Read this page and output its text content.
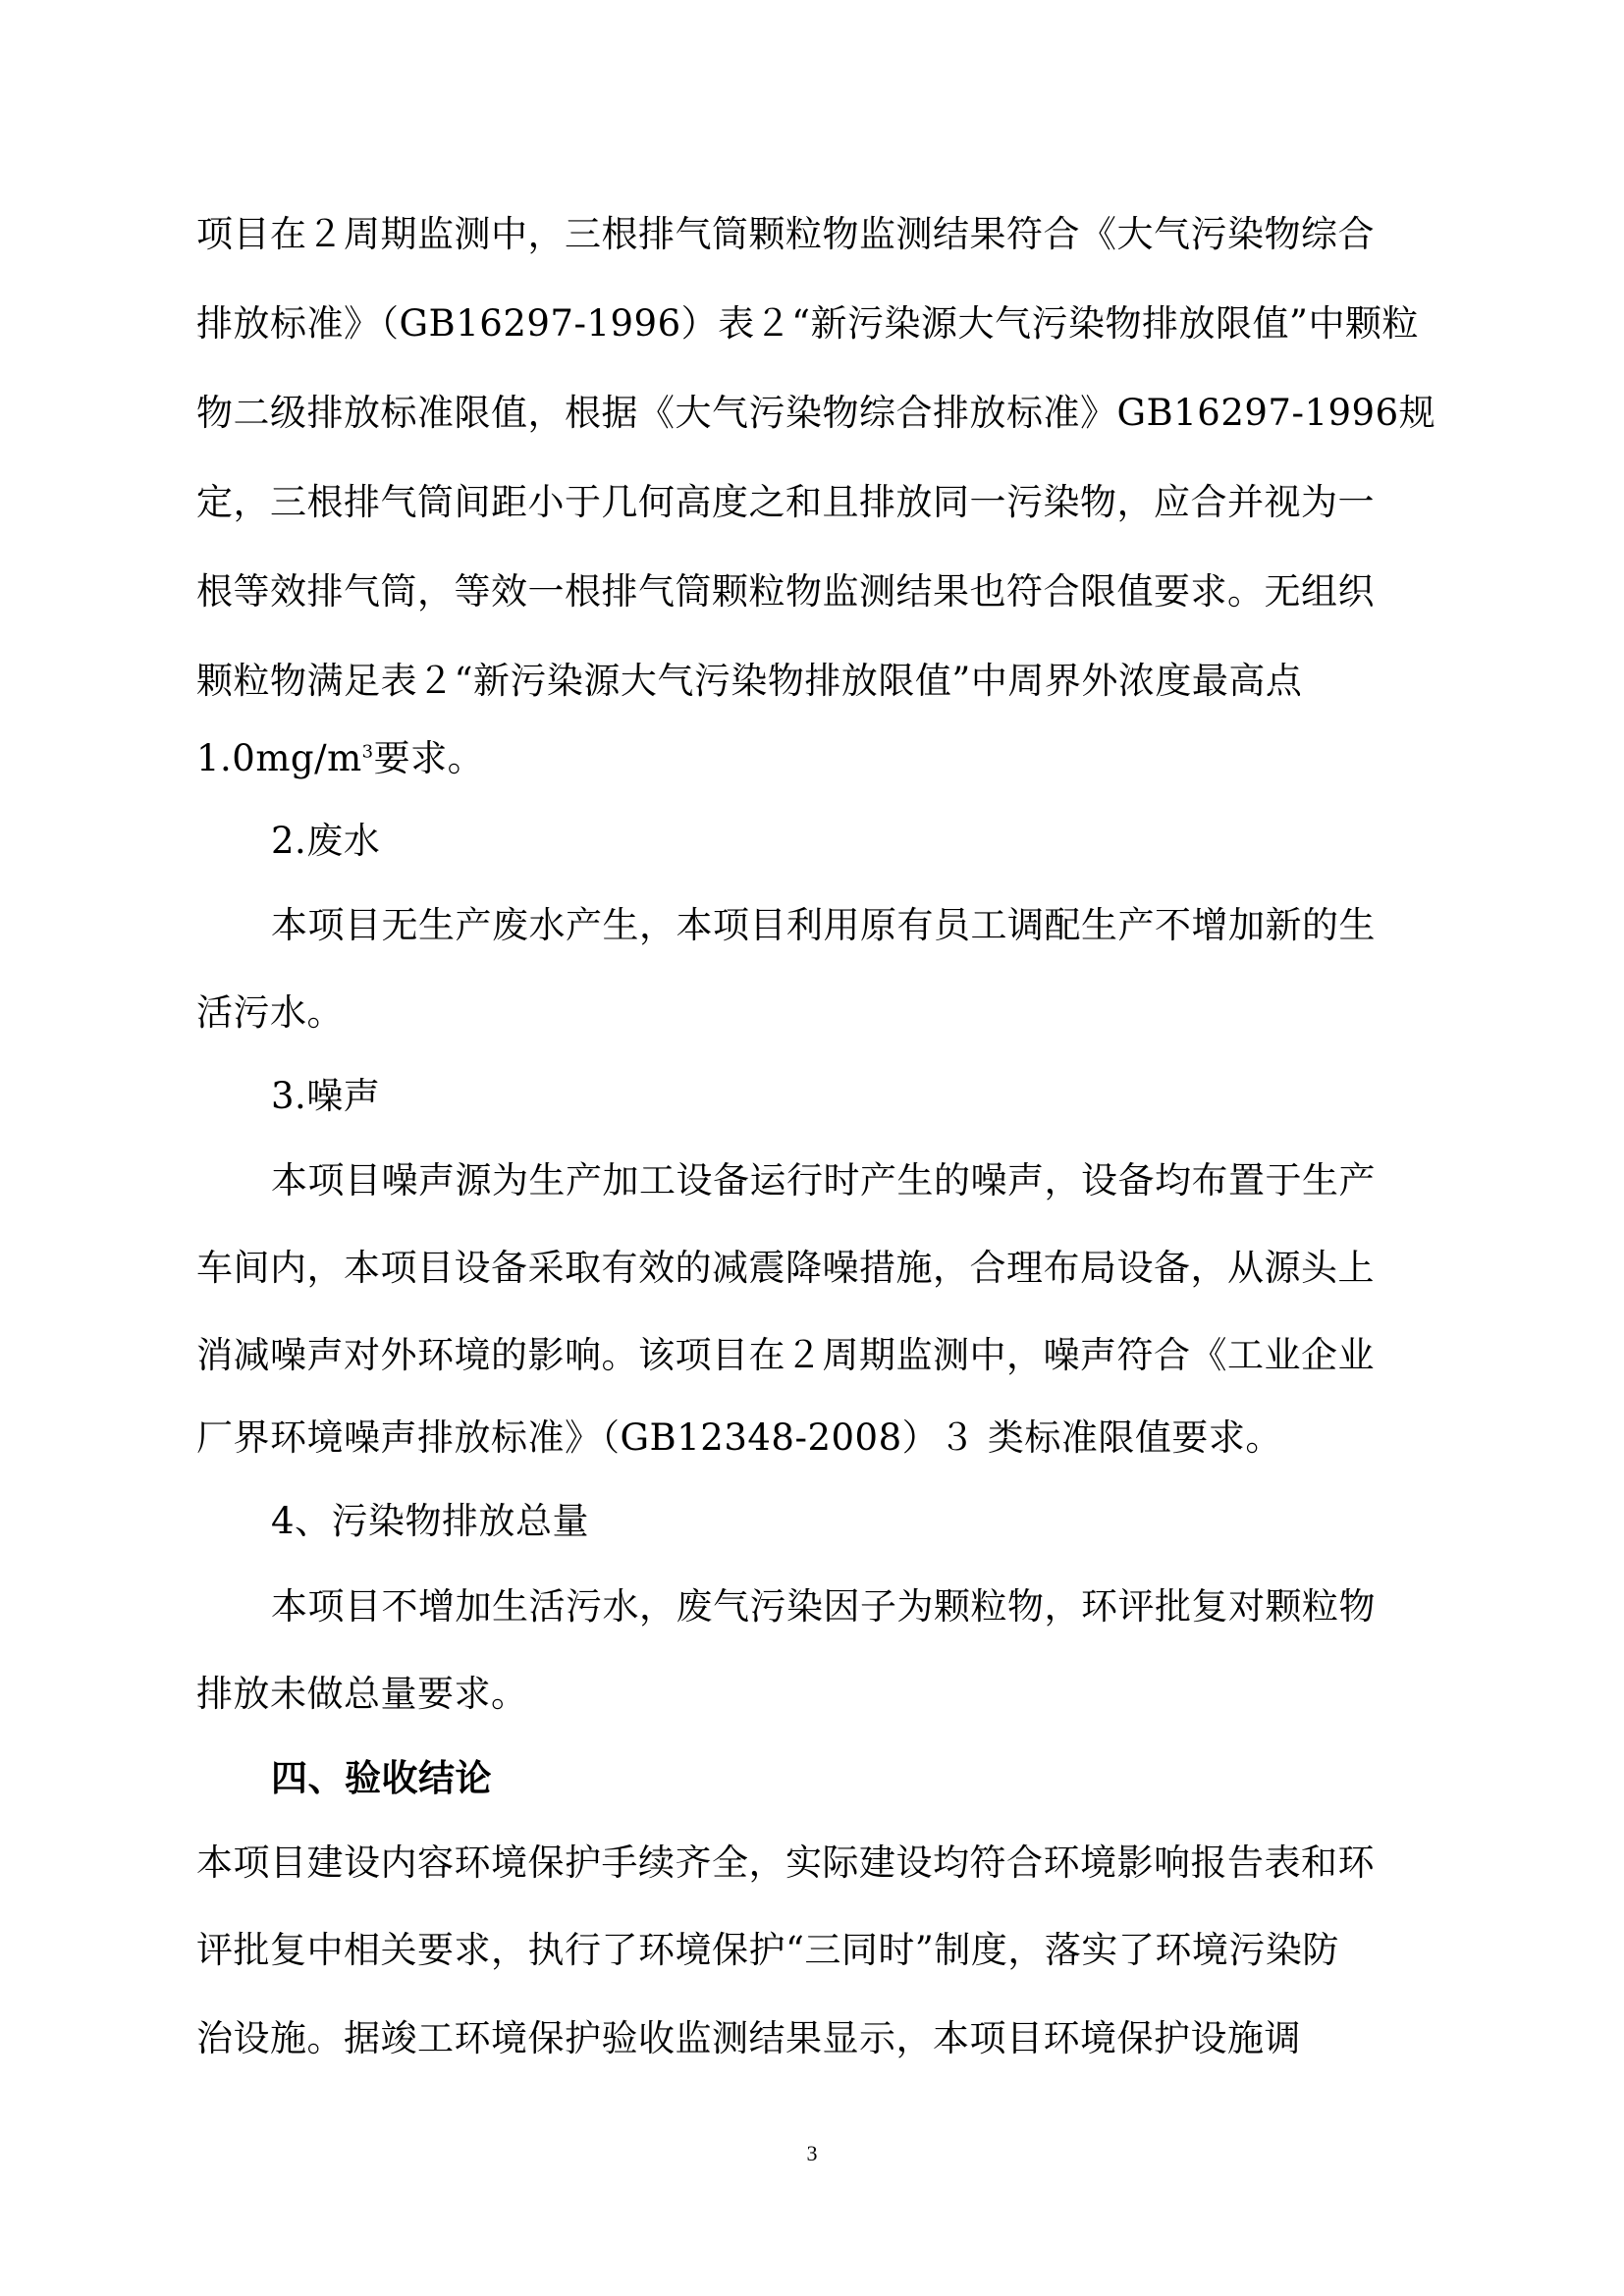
项目在２周期监测中，三根排气筒颗粒物监测结果符合《大气污染物综合
排放标准》（GB16297-1996）表２“新污染源大气污染物排放限值”中颗粒
物二级排放标准限值，根据《大气污染物综合排放标准》GB16297-1996规
定，三根排气筒间距小于几何高度之和且排放同一污染物，应合并视为一
根等效排气筒，等效一根排气筒颗粒物监测结果也符合限值要求。无组织
颗粒物满足表２“新污染源大气污染物排放限值”中周界外浓度最高点
$1.0mg/m^3$要求。
2.废水
本项目无生产废水产生，本项目利用原有员工调配生产不增加新的生
活污水。
3.噪声
本项目噪声源为生产加工设备运行时产生的噪声，设备均布置于生产
车间内，本项目设备采取有效的减震降噪措施，合理布局设备，从源头上
消减噪声对外环境的影响。该项目在２周期监测中，噪声符合《工业企业
厂界环境噪声排放标准》（GB12348-2008）３ 类标准限值要求。
4、污染物排放总量
本项目不增加生活污水，废气污染因子为颗粒物，环评批复对颗粒物
排放未做总量要求。
四、验收结论
本项目建设内容环境保护手续齐全，实际建设均符合环境影响报告表和环
评批复中相关要求，执行了环境保护“三同时”制度，落实了环境污染防
治设施。据竣工环境保护验收监测结果显示，本项目环境保护设施调
3
